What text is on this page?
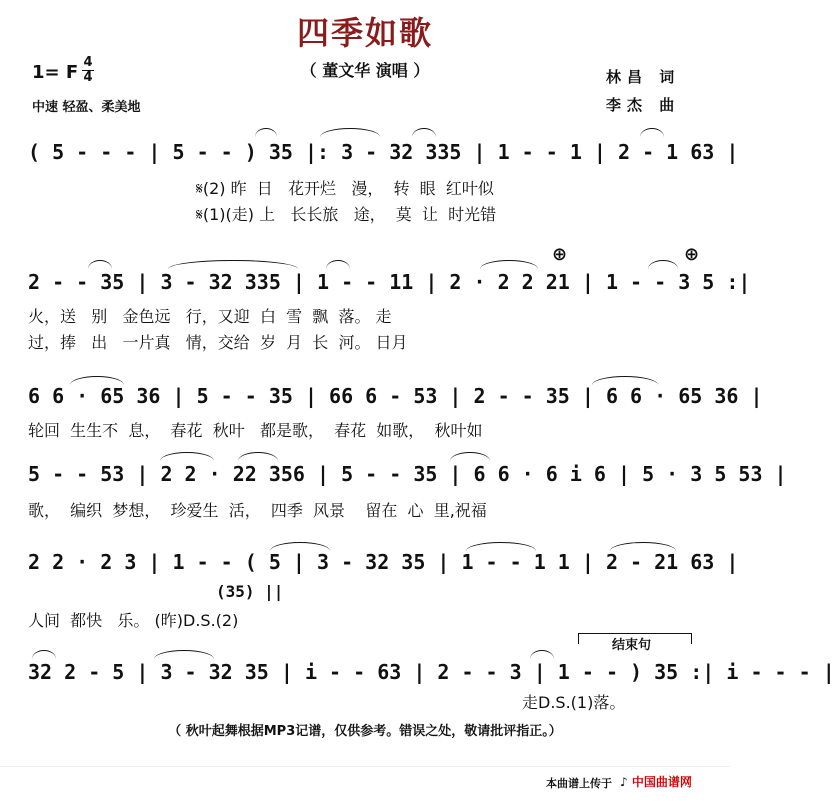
四季如歌
（ 董文华 演唱 ）
1= F 4
4
中速 轻盈、柔美地
林昌 词
李杰 曲
( 5 - - - | 5 - - ) 35 |: 3 - 32 335 | 1 - - 1 | 2 - 1 63 |
𝄋(2) 昨  日   花开烂   漫，  转  眼  红叶似
𝄋(1)(走) 上   长长旅   途，  莫  让  时光错
⊕	⊕
2 - - 35 | 3 - 32 335 | 1 - - 11 | 2 · 2 2 21 | 1 - - 3 5 :|
火，送   别   金色远   行，又迎  白  雪  飘  落。 走
过，捧   出   一片真   情，交给  岁  月  长  河。 日月
6 6 · 65 36 | 5 - - 35 | 66 6 - 53 | 2 - - 35 | 6 6 · 65 36 |
轮回  生生不  息，  春花  秋叶   都是歌，  春花  如歌，  秋叶如
5 - - 53 | 2 2 · 22 356 | 5 - - 35 | 6 6 · 6 i 6 | 5 · 3 5 53 |
歌，  编织  梦想，  珍爱生  活，  四季  风景    留在  心  里,祝福
2 2 · 2 3 | 1 - - ( 5 | 3 - 32 35 | 1 - - 1 1 | 2 - 21 63 |
(35) ||
人间  都快   乐。 (昨)D.S.(2)
结束句
32 2 - 5 | 3 - 32 35 | i - - 63 | 2 - - 3 | 1 - - ) 35 :| i - - - |
走D.S.(1)落。
（ 秋叶起舞根据MP3记谱，仅供参考。错误之处，敬请批评指正。）
本曲谱上传于 ♪ 中国曲谱网
